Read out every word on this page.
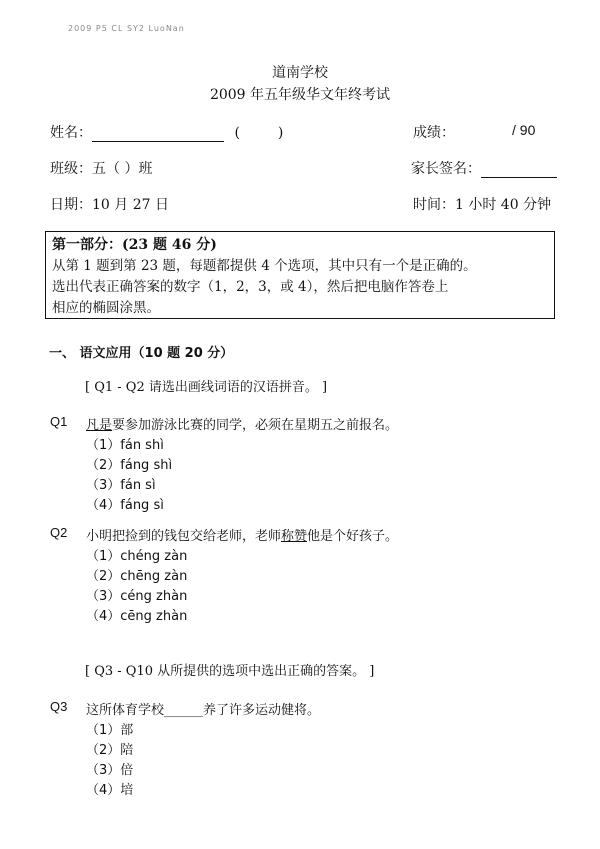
2009 P5 CL SY2 LuoNan
道南学校
2009 年五年级华文年终考试
姓名：	(	)	成绩：	/ 90
班级：五（ ）班	家长签名：
日期：10 月 27 日	时间：1 小时 40 分钟
第一部分：(23 题 46 分)
从第 1 题到第 23 题，每题都提供 4 个选项，其中只有一个是正确的。
选出代表正确答案的数字（1，2，3，或 4），然后把电脑作答卷上
相应的椭圆涂黑。
一、 语文应用（10 题 20 分）
[ Q1 - Q2 请选出画线词语的汉语拼音。 ]
Q1 凡是要参加游泳比赛的同学，必须在星期五之前报名。
（1）fán shì
（2）fáng shì
（3）fán sì
（4）fáng sì
Q2 小明把捡到的钱包交给老师，老师称赞他是个好孩子。
（1）chéng zàn
（2）chēng zàn
（3）céng zhàn
（4）cēng zhàn
[ Q3 - Q10 从所提供的选项中选出正确的答案。 ]
Q3 这所体育学校______养了许多运动健将。
（1）部
（2）陪
（3）倍
（4）培
